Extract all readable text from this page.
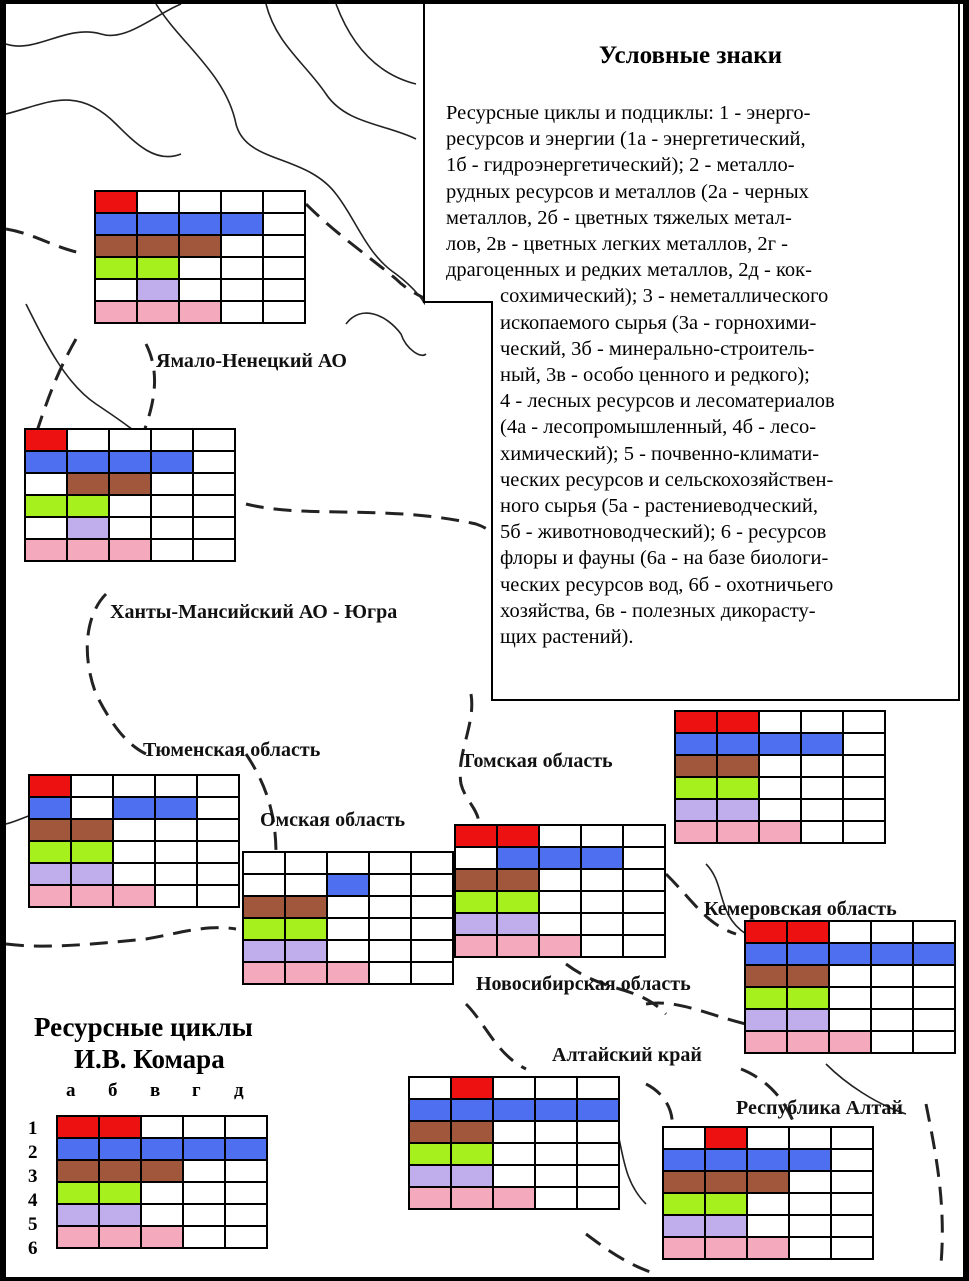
Условные знаки
Ресурсные циклы и подциклы: 1 - энерго-
ресурсов и энергии (1а - энергетический,
1б - гидроэнергетический); 2 - металло-
рудных ресурсов и металлов (2а - черных
металлов, 2б - цветных тяжелых метал-
лов, 2в - цветных легких металлов, 2г -
драгоценных и редких металлов, 2д - кок-
сохимический); 3 - неметаллического
ископаемого сырья (3а - горнохими-
ческий, 3б - минерально-строитель-
ный, 3в - особо ценного и редкого);
4 - лесных ресурсов и лесоматериалов
(4а - лесопромышленный, 4б - лесо-
химический); 5 - почвенно-климати-
ческих ресурсов и сельскохозяйствен-
ного сырья (5а - растениеводческий,
5б - животноводческий); 6 - ресурсов
флоры и фауны (6а - на базе биологи-
ческих ресурсов вод, 6б - охотничьего
хозяйства, 6в - полезных дикорасту-
щих растений).
Ямало-Ненецкий АО
Ханты-Мансийский АО - Югра
Тюменская область
Омская область
Томская область
Новосибирская область
Кемеровская область
Алтайский край
Республика Алтай
Ресурсные циклы
И.В. Комара
а б в г д
1
2
3
4
5
6
